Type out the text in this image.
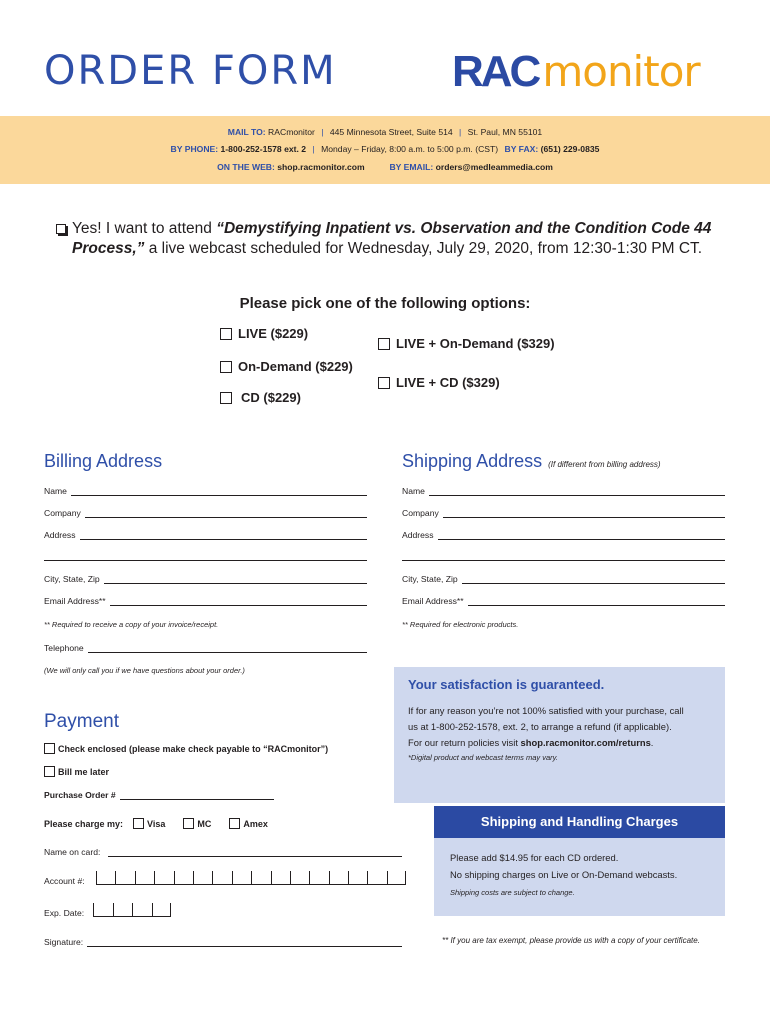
ORDER FORM	RAC monitor
MAIL TO: RACmonitor | 445 Minnesota Street, Suite 514 | St. Paul, MN 55101
BY PHONE: 1-800-252-1578 ext. 2 | Monday – Friday, 8:00 a.m. to 5:00 p.m. (CST) BY FAX: (651) 229-0835
ON THE WEB: shop.racmonitor.com	BY EMAIL: orders@medleammedia.com
Yes! I want to attend “Demystifying Inpatient vs. Observation and the Condition Code 44
Process,” a live webcast scheduled for Wednesday, July 29, 2020, from 12:30-1:30 PM CT.
Please pick one of the following options:
LIVE ($229)
LIVE + On-Demand ($329)
On-Demand ($229)
LIVE + CD ($329)
CD ($229)
Billing Address
Name
Company
Address
City, State, Zip
Email Address**
** Required to receive a copy of your invoice/receipt.
Telephone
(We will only call you if we have questions about your order.)
Shipping Address (If different from billing address)
Name
Company
Address
City, State, Zip
Email Address**
** Required for electronic products.
Your satisfaction is guaranteed.
If for any reason you’re not 100% satisfied with your purchase, call
us at 1-800-252-1578, ext. 2, to arrange a refund (if applicable).
For our return policies visit shop.racmonitor.com/returns.
*Digital product and webcast terms may vary.
Payment
Check enclosed (please make check payable to “RACmonitor”)
Bill me later
Purchase Order #
Please charge my:	Visa	MC	Amex
Name on card:
Account #:
Exp. Date:
Signature:
Shipping and Handling Charges
Please add $14.95 for each CD ordered.
No shipping charges on Live or On-Demand webcasts.
Shipping costs are subject to change.
** If you are tax exempt, please provide us with a copy of your certificate.
